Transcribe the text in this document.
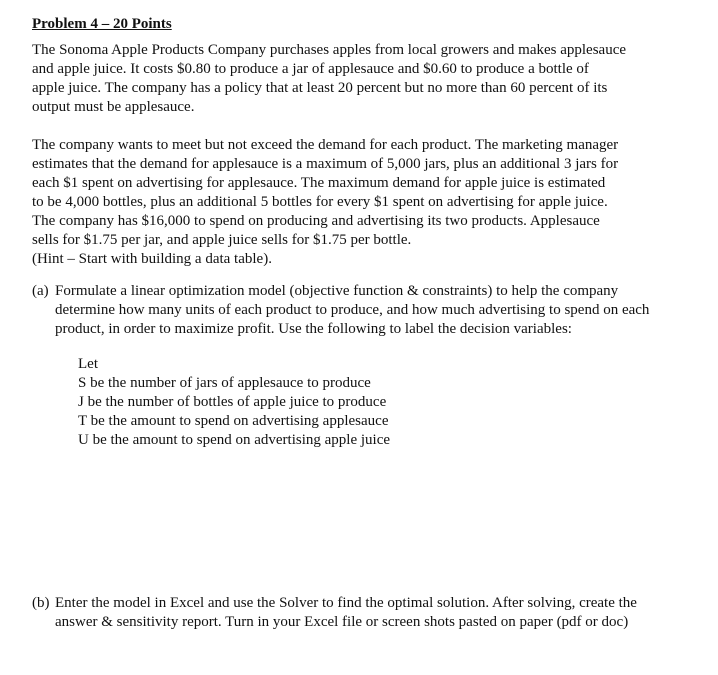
Problem 4 – 20 Points
The Sonoma Apple Products Company purchases apples from local growers and makes applesauce
and apple juice. It costs $0.80 to produce a jar of applesauce and $0.60 to produce a bottle of
apple juice. The company has a policy that at least 20 percent but no more than 60 percent of its
output must be applesauce.
The company wants to meet but not exceed the demand for each product. The marketing manager
estimates that the demand for applesauce is a maximum of 5,000 jars, plus an additional 3 jars for
each $1 spent on advertising for applesauce. The maximum demand for apple juice is estimated
to be 4,000 bottles, plus an additional 5 bottles for every $1 spent on advertising for apple juice.
The company has $16,000 to spend on producing and advertising its two products. Applesauce
sells for $1.75 per jar, and apple juice sells for $1.75 per bottle.
(Hint – Start with building a data table).
(a) Formulate a linear optimization model (objective function & constraints) to help the company
determine how many units of each product to produce, and how much advertising to spend on each
product, in order to maximize profit. Use the following to label the decision variables:
Let
S be the number of jars of applesauce to produce
J be the number of bottles of apple juice to produce
T be the amount to spend on advertising applesauce
U be the amount to spend on advertising apple juice
(b) Enter the model in Excel and use the Solver to find the optimal solution. After solving, create the
answer & sensitivity report. Turn in your Excel file or screen shots pasted on paper (pdf or doc)
